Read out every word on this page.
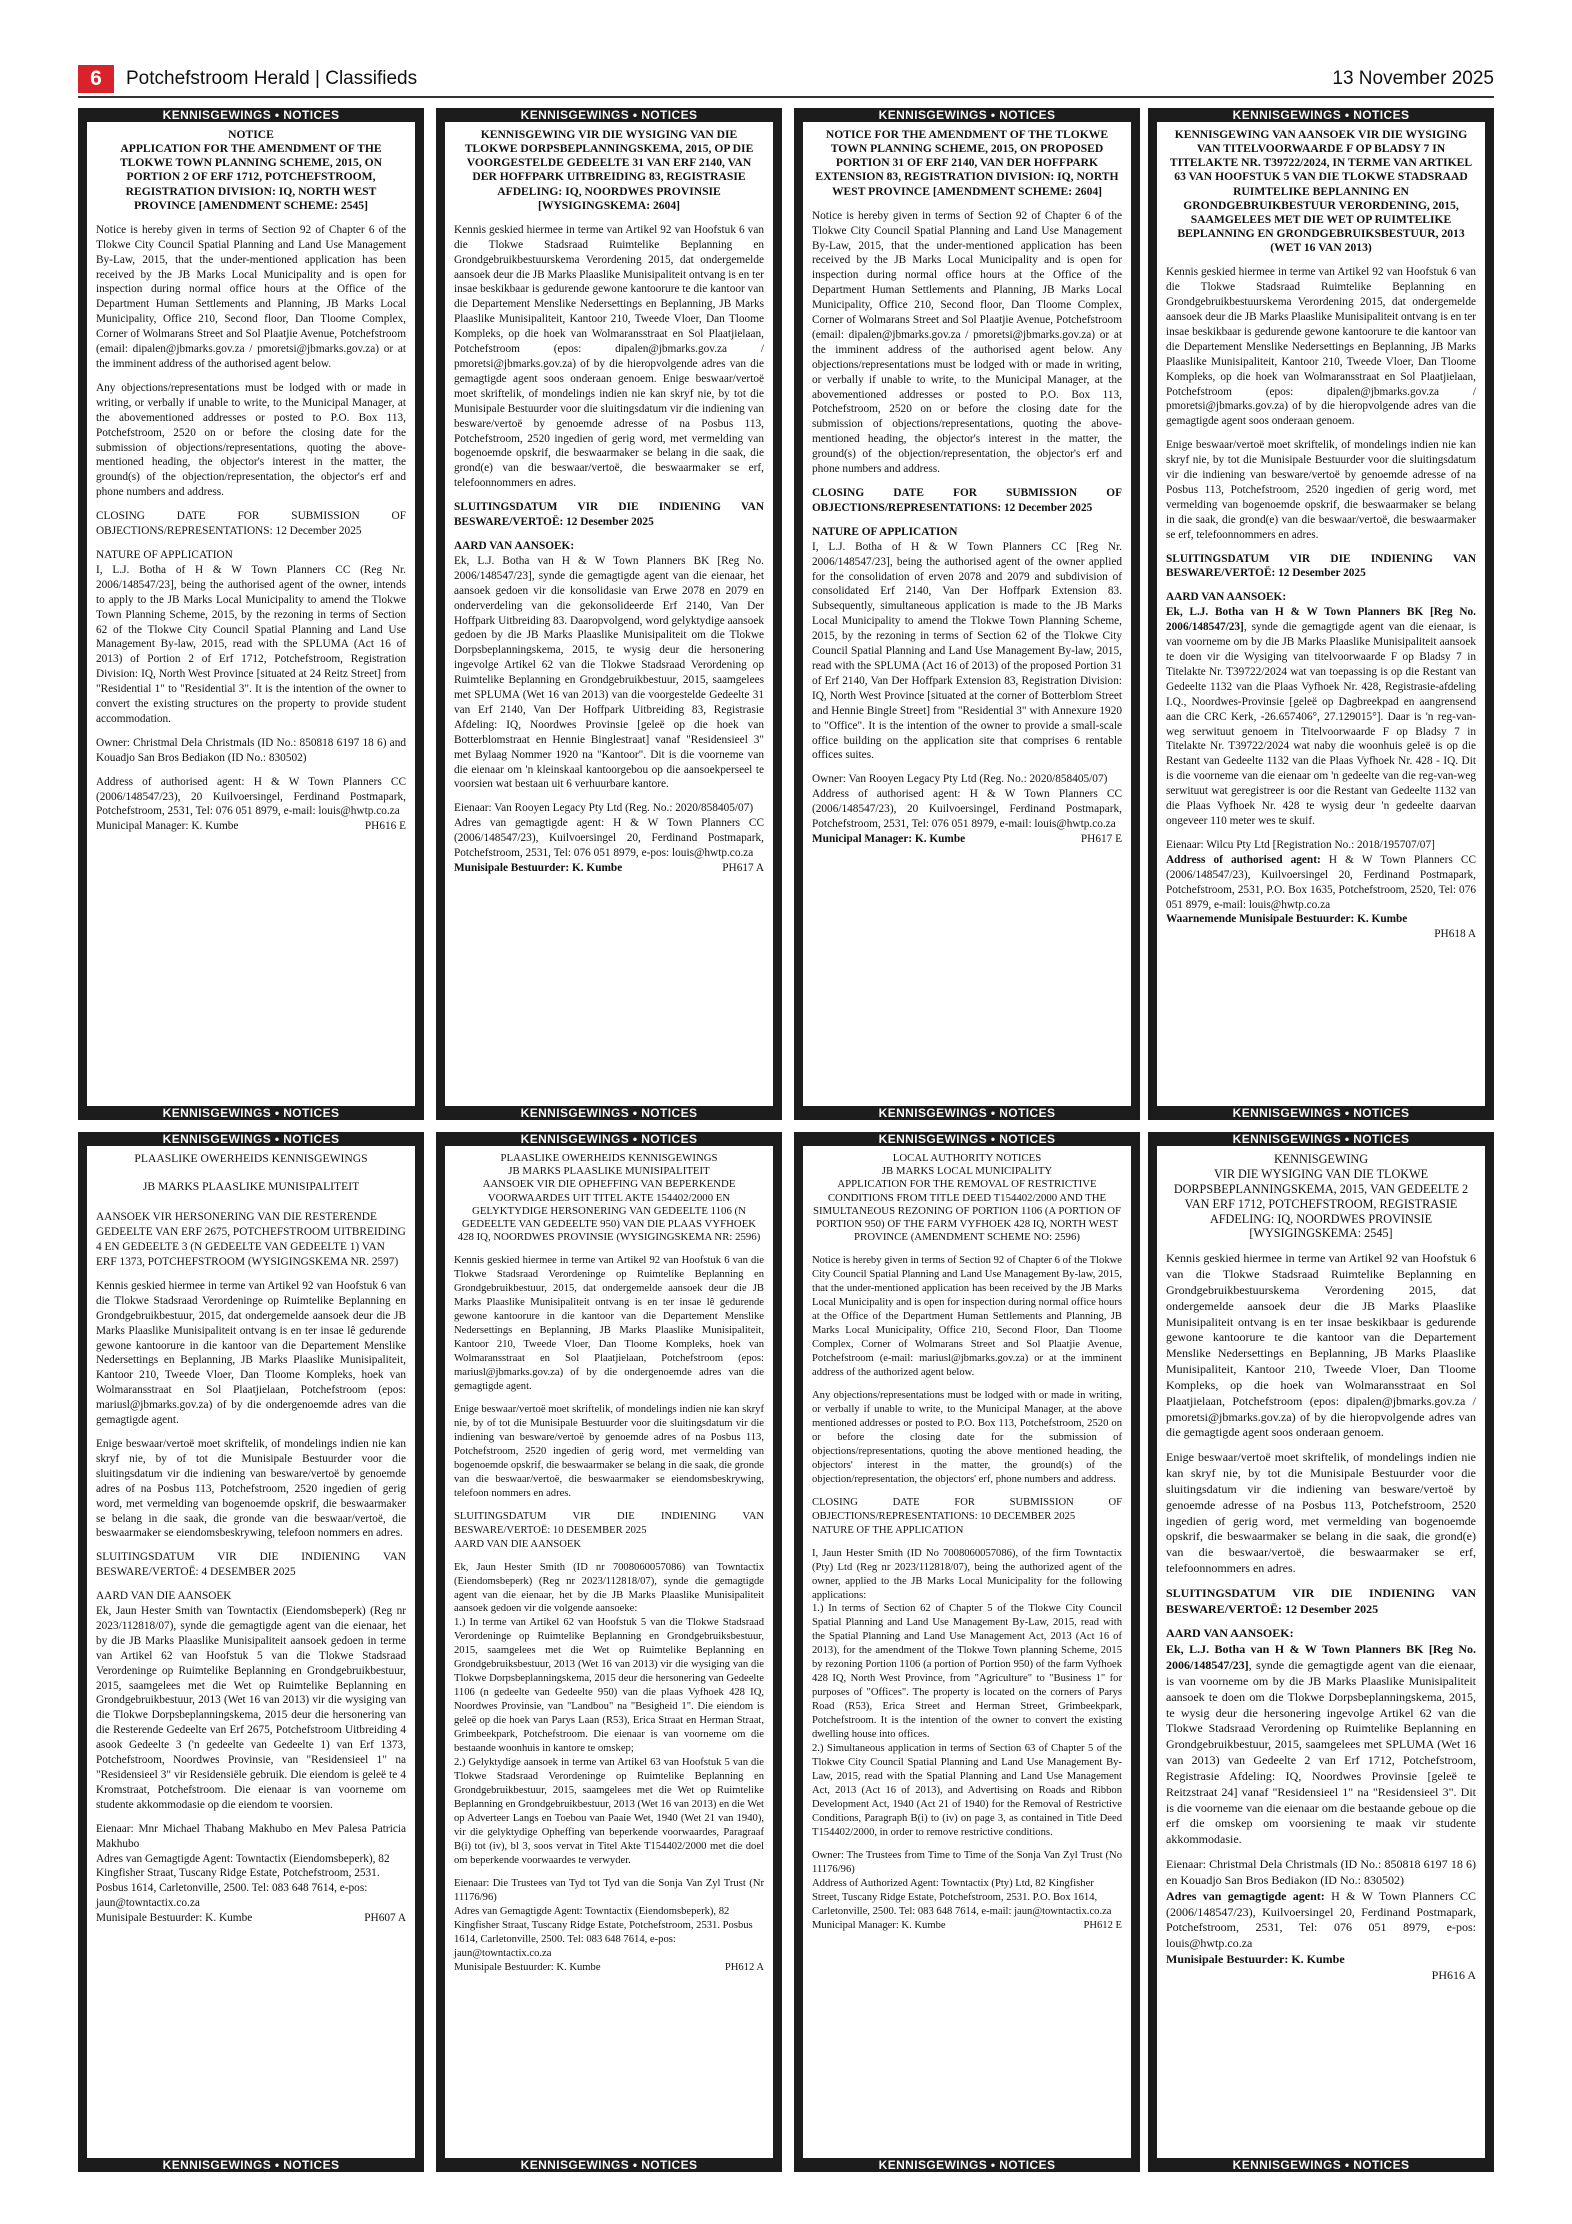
6	Potchefstroom Herald | Classifieds	13 November 2025
KENNISGEWINGS • NOTICES
NOTICE
APPLICATION FOR THE AMENDMENT OF THE TLOKWE TOWN PLANNING SCHEME, 2015, ON PORTION 2 OF ERF 1712, POTCHEFSTROOM, REGISTRATION DIVISION: IQ, NORTH WEST PROVINCE [AMENDMENT SCHEME: 2545]

Notice is hereby given in terms of Section 92 of Chapter 6 of the Tlokwe City Council Spatial Planning and Land Use Management By-Law, 2015, that the under-mentioned application has been received by the JB Marks Local Municipality and is open for inspection during normal office hours at the Office of the Department Human Settlements and Planning, JB Marks Local Municipality, Office 210, Second floor, Dan Tloome Complex, Corner of Wolmarans Street and Sol Plaatjie Avenue, Potchefstroom (email: dipalen@jbmarks.gov.za / pmoretsi@jbmarks.gov.za) or at the imminent address of the authorised agent below.

Any objections/representations must be lodged with or made in writing, or verbally if unable to write, to the Municipal Manager, at the abovementioned addresses or posted to P.O. Box 113, Potchefstroom, 2520 on or before the closing date for the submission of objections/representations, quoting the above-mentioned heading, the objector's interest in the matter, the ground(s) of the objection/representation, the objector's erf and phone numbers and address.

CLOSING DATE FOR SUBMISSION OF OBJECTIONS/REPRESENTATIONS: 12 December 2025

NATURE OF APPLICATION

I, L.J. Botha of H & W Town Planners CC (Reg Nr. 2006/148547/23], being the authorised agent of the owner, intends to apply to the JB Marks Local Municipality to amend the Tlokwe Town Planning Scheme, 2015, by the rezoning in terms of Section 62 of the Tlokwe City Council Spatial Planning and Land Use Management By-law, 2015, read with the SPLUMA (Act 16 of 2013) of Portion 2 of Erf 1712, Potchefstroom, Registration Division: IQ, North West Province [situated at 24 Reitz Street] from "Residential 1" to "Residential 3". It is the intention of the owner to convert the existing structures on the property to provide student accommodation.

Owner: Christmal Dela Christmals (ID No.: 850818 6197 18 6) and Kouadjo San Bros Bediakon (ID No.: 830502)

Address of authorised agent: H & W Town Planners CC (2006/148547/23), 20 Kuilvoersingel, Ferdinand Postmapark, Potchefstroom, 2531, Tel: 076 051 8979, e-mail: louis@hwtp.co.za

Municipal Manager: K. Kumbe	PH616 E
KENNISGEWINGS • NOTICES
KENNISGEWINGS • NOTICES
KENNISGEWING VIR DIE WYSIGING VAN DIE TLOKWE DORPSBEPLANNINGSKEMA, 2015, OP DIE VOORGESTELDE GEDEELTE 31 VAN ERF 2140, VAN DER HOFFPARK UITBREIDING 83, REGISTRASIE AFDELING: IQ, NOORDWES PROVINSIE [WYSIGINGSKEMA: 2604]

Kennis geskied hiermee in terme van Artikel 92 van Hoofstuk 6 van die Tlokwe Stadsraad Ruimtelike Beplanning en Grondgebruikbestuurskema Verordening 2015, dat ondergemelde aansoek deur die JB Marks Plaaslike Munisipaliteit ontvang is en ter insae beskikbaar is gedurende gewone kantoorure te die kantoor van die Departement Menslike Nedersettings en Beplanning, JB Marks Plaaslike Munisipaliteit, Kantoor 210, Tweede Vloer, Dan Tloome Kompleks, op die hoek van Wolmaransstraat en Sol Plaatjielaan, Potchefstroom (epos: dipalen@jbmarks.gov.za / pmoretsi@jbmarks.gov.za) of by die hieropvolgende adres van die gemagtigde agent soos onderaan genoem. Enige beswaar/vertoë moet skriftelik, of mondelings indien nie kan skryf nie, by tot die Munisipale Bestuurder voor die sluitingsdatum vir die indiening van besware/vertoë by genoemde adresse of na Posbus 113, Potchefstroom, 2520 ingedien of gerig word, met vermelding van bogenoemde opskrif, die beswaarmaker se belang in die saak, die grond(e) van die beswaar/vertoë, die beswaarmaker se erf, telefoonnommers en adres.

SLUITINGSDATUM VIR DIE INDIENING VAN BESWARE/VERTOË: 12 Desember 2025

AARD VAN AANSOEK:

Ek, L.J. Botha van H & W Town Planners BK [Reg No. 2006/148547/23], synde die gemagtigde agent van die eienaar, het aansoek gedoen vir die konsolidasie van Erwe 2078 en 2079 en onderverdeling van die gekonsolideerde Erf 2140, Van Der Hoffpark Uitbreiding 83. Daaropvolgend, word gelyktydige aansoek gedoen by die JB Marks Plaaslike Munisipaliteit om die Tlokwe Dorpsbeplanningskema, 2015, te wysig deur die hersonering ingevolge Artikel 62 van die Tlokwe Stadsraad Verordening op Ruimtelike Beplanning en Grondgebruikbestuur, 2015, saamgelees met SPLUMA (Wet 16 van 2013) van die voorgestelde Gedeelte 31 van Erf 2140, Van Der Hoffpark Uitbreiding 83, Registrasie Afdeling: IQ, Noordwes Provinsie [geleë op die hoek van Botterblomstraat en Hennie Binglestraat] vanaf "Residensieel 3" met Bylaag Nommer 1920 na "Kantoor". Dit is die voorneme van die eienaar om 'n kleinskaal kantoorgebou op die aansoekperseel te voorsien wat bestaan uit 6 verhuurbare kantore.

Eienaar: Van Rooyen Legacy Pty Ltd (Reg. No.: 2020/858405/07)

Adres van gemagtigde agent: H & W Town Planners CC (2006/148547/23), Kuilvoersingel 20, Ferdinand Postmapark, Potchefstroom, 2531, Tel: 076 051 8979, e-pos: louis@hwtp.co.za

Munisipale Bestuurder: K. Kumbe	PH617 A
KENNISGEWINGS • NOTICES
KENNISGEWINGS • NOTICES
NOTICE FOR THE AMENDMENT OF THE TLOKWE TOWN PLANNING SCHEME, 2015, ON PROPOSED PORTION 31 OF ERF 2140, VAN DER HOFFPARK EXTENSION 83, REGISTRATION DIVISION: IQ, NORTH WEST PROVINCE [AMENDMENT SCHEME: 2604]

Notice is hereby given in terms of Section 92 of Chapter 6 of the Tlokwe City Council Spatial Planning and Land Use Management By-Law, 2015, that the under-mentioned application has been received by the JB Marks Local Municipality and is open for inspection during normal office hours at the Office of the Department Human Settlements and Planning, JB Marks Local Municipality, Office 210, Second floor, Dan Tloome Complex, Corner of Wolmarans Street and Sol Plaatjie Avenue, Potchefstroom (email: dipalen@jbmarks.gov.za / pmoretsi@jbmarks.gov.za) or at the imminent address of the authorised agent below. Any objections/representations must be lodged with or made in writing, or verbally if unable to write, to the Municipal Manager, at the abovementioned addresses or posted to P.O. Box 113, Potchefstroom, 2520 on or before the closing date for the submission of objections/representations, quoting the above-mentioned heading, the objector's interest in the matter, the ground(s) of the objection/representation, the objector's erf and phone numbers and address.

CLOSING DATE FOR SUBMISSION OF OBJECTIONS/REPRESENTATIONS: 12 December 2025

NATURE OF APPLICATION

I, L.J. Botha of H & W Town Planners CC [Reg Nr. 2006/148547/23], being the authorised agent of the owner applied for the consolidation of erven 2078 and 2079 and subdivision of consolidated Erf 2140, Van Der Hoffpark Extension 83. Subsequently, simultaneous application is made to the JB Marks Local Municipality to amend the Tlokwe Town Planning Scheme, 2015, by the rezoning in terms of Section 62 of the Tlokwe City Council Spatial Planning and Land Use Management By-law, 2015, read with the SPLUMA (Act 16 of 2013) of the proposed Portion 31 of Erf 2140, Van Der Hoffpark Extension 83, Registration Division: IQ, North West Province [situated at the corner of Botterblom Street and Hennie Bingle Street] from "Residential 3" with Annexure 1920 to "Office". It is the intention of the owner to provide a small-scale office building on the application site that comprises 6 rentable offices suites.

Owner: Van Rooyen Legacy Pty Ltd (Reg. No.: 2020/858405/07)

Address of authorised agent: H & W Town Planners CC (2006/148547/23), 20 Kuilvoersingel, Ferdinand Postmapark, Potchefstroom, 2531, Tel: 076 051 8979, e-mail: louis@hwtp.co.za

Municipal Manager: K. Kumbe	PH617 E
KENNISGEWINGS • NOTICES
KENNISGEWINGS • NOTICES
KENNISGEWING VAN AANSOEK VIR DIE WYSIGING VAN TITELVOORWAARDE F OP BLADSY 7 IN TITELAKTE NR. T39722/2024, IN TERME VAN ARTIKEL 63 VAN HOOFSTUK 5 VAN DIE TLOKWE STADSRAAD RUIMTELIKE BEPLANNING EN GRONDGEBRUIKBESTUUR VERORDENING, 2015, SAAMGELEES MET DIE WET OP RUIMTELIKE BEPLANNING EN GRONDGEBRUIKSBESTUUR, 2013 (WET 16 VAN 2013)

Kennis geskied hiermee in terme van Artikel 92 van Hoofstuk 6 van die Tlokwe Stadsraad Ruimtelike Beplanning en Grondgebruikbestuurskema Verordening 2015, dat ondergemelde aansoek deur die JB Marks Plaaslike Munisipaliteit ontvang is en ter insae beskikbaar is gedurende gewone kantoorure te die kantoor van die Departement Menslike Nedersettings en Beplanning, JB Marks Plaaslike Munisipaliteit, Kantoor 210, Tweede Vloer, Dan Tloome Kompleks, op die hoek van Wolmaransstraat en Sol Plaatjielaan, Potchefstroom (epos: dipalen@jbmarks.gov.za / pmoretsi@jbmarks.gov.za) of by die hieropvolgende adres van die gemagtigde agent soos onderaan genoem.

Enige beswaar/vertoë moet skriftelik, of mondelings indien nie kan skryf nie, by tot die Munisipale Bestuurder voor die sluitingsdatum vir die indiening van besware/vertoë by genoemde adresse of na Posbus 113, Potchefstroom, 2520 ingedien of gerig word, met vermelding van bogenoemde opskrif, die beswaarmaker se belang in die saak, die grond(e) van die beswaar/vertoë, die beswaarmaker se erf, telefoonnommers en adres.

SLUITINGSDATUM VIR DIE INDIENING VAN BESWARE/VERTOË: 12 Desember 2025

AARD VAN AANSOEK:

Ek, L.J. Botha van H & W Town Planners BK [Reg No. 2006/148547/23], synde die gemagtigde agent van die eienaar, is van voorneme om by die JB Marks Plaaslike Munisipaliteit aansoek te doen vir die Wysiging van titelvoorwaarde F op Bladsy 7 in Titelakte Nr. T39722/2024 wat van toepassing is op die Restant van Gedeelte 1132 van die Plaas Vyfhoek Nr. 428, Registrasie-afdeling I.Q., Noordwes-Provinsie [geleë op Dagbreekpad en aangrensend aan die CRC Kerk, -26.657406°, 27.129015°]. Daar is 'n reg-van-weg serwituut genoem in Titelvoorwaarde F op Bladsy 7 in Titelakte Nr. T39722/2024 wat naby die woonhuis geleë is op die Restant van Gedeelte 1132 van die Plaas Vyfhoek Nr. 428 - IQ. Dit is die voorneme van die eienaar om 'n gedeelte van die reg-van-weg serwituut wat geregistreer is oor die Restant van Gedeelte 1132 van die Plaas Vyfhoek Nr. 428 te wysig deur 'n gedeelte daarvan ongeveer 110 meter wes te skuif.

Eienaar: Wilcu Pty Ltd [Registration No.: 2018/195707/07]

Address of authorised agent: H & W Town Planners CC (2006/148547/23), Kuilvoersingel 20, Ferdinand Postmapark, Potchefstroom, 2531, P.O. Box 1635, Potchefstroom, 2520, Tel: 076 051 8979, e-mail: louis@hwtp.co.za

Waarnemende Munisipale Bestuurder: K. Kumbe
PH618 A
KENNISGEWINGS • NOTICES
KENNISGEWINGS • NOTICES
PLAASLIKE OWERHEIDS KENNISGEWINGS
JB MARKS PLAASLIKE MUNISIPALITEIT

AANSOEK VIR HERSONERING VAN DIE RESTERENDE GEDEELTE VAN ERF 2675, POTCHEFSTROOM UITBREIDING 4 EN GEDEELTE 3 (N GEDEELTE VAN GEDEELTE 1) VAN ERF 1373, POTCHEFSTROOM (WYSIGINGSKEMA NR. 2597)

Kennis geskied hiermee in terme van Artikel 92 van Hoofstuk 6 van die Tlokwe Stadsraad Verordeninge op Ruimtelike Beplanning en Grondgebruikbestuur, 2015, dat ondergemelde aansoek deur die JB Marks Plaaslike Munisipaliteit ontvang is en ter insae lê gedurende gewone kantoorure in die kantoor van die Departement Menslike Nedersettings en Beplanning, JB Marks Plaaslike Munisipaliteit, Kantoor 210, Tweede Vloer, Dan Tloome Kompleks, hoek van Wolmaransstraat en Sol Plaatjielaan, Potchefstroom (epos: mariusl@jbmarks.gov.za) of by die ondergenoemde adres van die gemagtigde agent.

Enige beswaar/vertoë moet skriftelik, of mondelings indien nie kan skryf nie, by of tot die Munisipale Bestuurder voor die sluitingsdatum vir die indiening van besware/vertoë by genoemde adres of na Posbus 113, Potchefstroom, 2520 ingedien of gerig word, met vermelding van bogenoemde opskrif, die beswaarmaker se belang in die saak, die gronde van die beswaar/vertoë, die beswaarmaker se eiendomsbeskrywing, telefoon nommers en adres.

SLUITINGSDATUM VIR DIE INDIENING VAN BESWARE/VERTOË: 4 DESEMBER 2025

AARD VAN DIE AANSOEK

Ek, Jaun Hester Smith van Towntactix (Eiendomsbeperk) (Reg nr 2023/112818/07), synde die gemagtigde agent van die eienaar, het by die JB Marks Plaaslike Munisipaliteit aansoek gedoen in terme van Artikel 62 van Hoofstuk 5 van die Tlokwe Stadsraad Verordeninge op Ruimtelike Beplanning en Grondgebruikbestuur, 2015, saamgelees met die Wet op Ruimtelike Beplanning en Grondgebruikbestuur, 2013 (Wet 16 van 2013) vir die wysiging van die Tlokwe Dorpsbeplanningskema, 2015 deur die hersonering van die Resterende Gedeelte van Erf 2675, Potchefstroom Uitbreiding 4 asook Gedeelte 3 ('n gedeelte van Gedeelte 1) van Erf 1373, Potchefstroom, Noordwes Provinsie, van "Residensieel 1" na "Residensieel 3" vir Residensiële gebruik. Die eiendom is geleë te 4 Kromstraat, Potchefstroom. Die eienaar is van voorneme om studente akkommodasie op die eiendom te voorsien.

Eienaar: Mnr Michael Thabang Makhubo en Mev Palesa Patricia Makhubo

Adres van Gemagtigde Agent: Towntactix (Eiendomsbeperk), 82 Kingfisher Straat, Tuscany Ridge Estate, Potchefstroom, 2531. Posbus 1614, Carletonville, 2500. Tel: 083 648 7614, e-pos: jaun@towntactix.co.za

Munisipale Bestuurder: K. Kumbe	PH607 A
KENNISGEWINGS • NOTICES
KENNISGEWINGS • NOTICES
PLAASLIKE OWERHEIDS KENNISGEWINGS
JB MARKS PLAASLIKE MUNISIPALITEIT
AANSOEK VIR DIE OPHEFFING VAN BEPERKENDE VOORWAARDES UIT TITEL AKTE 154402/2000 EN GELYKTYDIGE HERSONERING VAN GEDEELTE 1106 (N GEDEELTE VAN GEDEELTE 950) VAN DIE PLAAS VYFHOEK 428 IQ, NOORDWES PROVINSIE (WYSIGINGSKEMA NR: 2596)

Kennis geskied hiermee in terme van Artikel 92 van Hoofstuk 6 van die Tlokwe Stadsraad Verordeninge op Ruimtelike Beplanning en Grondgebruikbestuur, 2015, dat ondergemelde aansoek deur die JB Marks Plaaslike Munisipaliteit ontvang is en ter insae lê gedurende gewone kantoorure in die kantoor van die Departement Menslike Nedersettings en Beplanning, JB Marks Plaaslike Munisipaliteit, Kantoor 210, Tweede Vloer, Dan Tloome Kompleks, hoek van Wolmaransstraat en Sol Plaatjielaan, Potchefstroom (epos: mariusl@jbmarks.gov.za) of by die ondergenoemde adres van die gemagtigde agent.

Enige beswaar/vertoë moet skriftelik, of mondelings indien nie kan skryf nie, by of tot die Munisipale Bestuurder voor die sluitingsdatum vir die indiening van besware/vertoë by genoemde adres of na Posbus 113, Potchefstroom, 2520 ingedien of gerig word, met vermelding van bogenoemde opskrif, die beswaarmaker se belang in die saak, die gronde van die beswaar/vertoë, die beswaarmaker se eiendomsbeskrywing, telefoon nommers en adres.

SLUITINGSDATUM VIR DIE INDIENING VAN BESWARE/VERTOË: 10 DESEMBER 2025

AARD VAN DIE AANSOEK

Ek, Jaun Hester Smith (ID nr 7008060057086) van Towntactix (Eiendomsbeperk) (Reg nr 2023/112818/07), synde die gemagtigde agent van die eienaar, het by die JB Marks Plaaslike Munisipaliteit aansoek gedoen vir die volgende aansoeke:
1.) In terme van Artikel 62 van Hoofstuk 5 van die Tlokwe Stadsraad Verordeninge op Ruimtelike Beplanning en Grondgebruiksbestuur, 2015, saamgelees met die Wet op Ruimtelike Beplanning en Grondgebruiksbestuur, 2013 (Wet 16 van 2013) vir die wysiging van die Tlokwe Dorpsbeplanningskema, 2015 deur die hersonering van Gedeelte 1106 (n gedeelte van Gedeelte 950) van die plaas Vyfhoek 428 IQ, Noordwes Provinsie, van "Landbou" na "Besigheid 1". Die eiendom is geleë op die hoek van Parys Laan (R53), Erica Straat en Herman Straat, Grimbeekpark, Potchefstroom. Die eienaar is van voorneme om die bestaande woonhuis in kantore te omskep;
2.) Gelyktydige aansoek in terme van Artikel 63 van Hoofstuk 5 van die Tlokwe Stadsraad Verordeninge op Ruimtelike Beplanning en Grondgebruikbestuur, 2015, saamgelees met die Wet op Ruimtelike Beplanning en Grondgebruikbestuur, 2013 (Wet 16 van 2013) en die Wet op Adverteer Langs en Toebou van Paaie Wet, 1940 (Wet 21 van 1940), vir die gelyktydige Opheffing van beperkende voorwaardes, Paragraaf B(i) tot (iv), bl 3, soos vervat in Titel Akte T154402/2000 met die doel om beperkende voorwaardes te verwyder.

Eienaar: Die Trustees van Tyd tot Tyd van die Sonja Van Zyl Trust (Nr 11176/96)

Adres van Gemagtigde Agent: Towntactix (Eiendomsbeperk), 82 Kingfisher Straat, Tuscany Ridge Estate, Potchefstroom, 2531. Posbus 1614, Carletonville, 2500. Tel: 083 648 7614, e-pos: jaun@towntactix.co.za

Munisipale Bestuurder: K. Kumbe	PH612 A
KENNISGEWINGS • NOTICES
KENNISGEWINGS • NOTICES
LOCAL AUTHORITY NOTICES
JB MARKS LOCAL MUNICIPALITY
APPLICATION FOR THE REMOVAL OF RESTRICTIVE CONDITIONS FROM TITLE DEED T154402/2000 AND THE SIMULTANEOUS REZONING OF PORTION 1106 (A PORTION OF PORTION 950) OF THE FARM VYFHOEK 428 IQ, NORTH WEST PROVINCE (AMENDMENT SCHEME NO: 2596)

Notice is hereby given in terms of Section 92 of Chapter 6 of the Tlokwe City Council Spatial Planning and Land Use Management By-law, 2015, that the under-mentioned application has been received by the JB Marks Local Municipality and is open for inspection during normal office hours at the Office of the Department Human Settlements and Planning, JB Marks Local Municipality, Office 210, Second Floor, Dan Tloome Complex, Corner of Wolmarans Street and Sol Plaatjie Avenue, Potchefstroom (e-mail: mariusl@jbmarks.gov.za) or at the imminent address of the authorized agent below.

Any objections/representations must be lodged with or made in writing, or verbally if unable to write, to the Municipal Manager, at the above mentioned addresses or posted to P.O. Box 113, Potchefstroom, 2520 on or before the closing date for the submission of objections/representations, quoting the above mentioned heading, the objectors' interest in the matter, the ground(s) of the objection/representation, the objectors' erf, phone numbers and address.

CLOSING DATE FOR SUBMISSION OF OBJECTIONS/REPRESENTATIONS: 10 DECEMBER 2025

NATURE OF THE APPLICATION

I, Jaun Hester Smith (ID No 7008060057086), of the firm Towntactix (Pty) Ltd (Reg nr 2023/112818/07), being the authorized agent of the owner, applied to the JB Marks Local Municipality for the following applications:
1.) In terms of Section 62 of Chapter 5 of the Tlokwe City Council Spatial Planning and Land Use Management By-Law, 2015, read with the Spatial Planning and Land Use Management Act, 2013 (Act 16 of 2013), for the amendment of the Tlokwe Town planning Scheme, 2015 by rezoning Portion 1106 (a portion of Portion 950) of the farm Vyfhoek 428 IQ, North West Province, from "Agriculture" to "Business 1" for purposes of "Offices". The property is located on the corners of Parys Road (R53), Erica Street and Herman Street, Grimbeekpark, Potchefstroom. It is the intention of the owner to convert the existing dwelling house into offices.
2.) Simultaneous application in terms of Section 63 of Chapter 5 of the Tlokwe City Council Spatial Planning and Land Use Management By-Law, 2015, read with the Spatial Planning and Land Use Management Act, 2013 (Act 16 of 2013), and Advertising on Roads and Ribbon Development Act, 1940 (Act 21 of 1940) for the Removal of Restrictive Conditions, Paragraph B(i) to (iv) on page 3, as contained in Title Deed T154402/2000, in order to remove restrictive conditions.

Owner: The Trustees from Time to Time of the Sonja Van Zyl Trust (No 11176/96)

Address of Authorized Agent: Towntactix (Pty) Ltd, 82 Kingfisher Street, Tuscany Ridge Estate, Potchefstroom, 2531. P.O. Box 1614, Carletonville, 2500. Tel: 083 648 7614, e-mail: jaun@towntactix.co.za

Municipal Manager: K. Kumbe	PH612 E
KENNISGEWINGS • NOTICES
KENNISGEWINGS • NOTICES
KENNISGEWING
VIR DIE WYSIGING VAN DIE TLOKWE DORPSBEPLANNINGSKEMA, 2015, VAN GEDEELTE 2 VAN ERF 1712, POTCHEFSTROOM, REGISTRASIE AFDELING: IQ, NOORDWES PROVINSIE [WYSIGINGSKEMA: 2545]

Kennis geskied hiermee in terme van Artikel 92 van Hoofstuk 6 van die Tlokwe Stadsraad Ruimtelike Beplanning en Grondgebruikbestuurskema Verordening 2015, dat ondergemelde aansoek deur die JB Marks Plaaslike Munisipaliteit ontvang is en ter insae beskikbaar is gedurende gewone kantoorure te die kantoor van die Departement Menslike Nedersettings en Beplanning, JB Marks Plaaslike Munisipaliteit, Kantoor 210, Tweede Vloer, Dan Tloome Kompleks, op die hoek van Wolmaransstraat en Sol Plaatjielaan, Potchefstroom (epos: dipalen@jbmarks.gov.za / pmoretsi@jbmarks.gov.za) of by die hieropvolgende adres van die gemagtigde agent soos onderaan genoem.

Enige beswaar/vertoë moet skriftelik, of mondelings indien nie kan skryf nie, by tot die Munisipale Bestuurder voor die sluitingsdatum vir die indiening van besware/vertoë by genoemde adresse of na Posbus 113, Potchefstroom, 2520 ingedien of gerig word, met vermelding van bogenoemde opskrif, die beswaarmaker se belang in die saak, die grond(e) van die beswaar/vertoë, die beswaarmaker se erf, telefoonnommers en adres.

SLUITINGSDATUM VIR DIE INDIENING VAN BESWARE/VERTOË: 12 Desember 2025

AARD VAN AANSOEK:

Ek, L.J. Botha van H & W Town Planners BK [Reg No. 2006/148547/23], synde die gemagtigde agent van die eienaar, is van voorneme om by die JB Marks Plaaslike Munisipaliteit aansoek te doen om die Tlokwe Dorpsbeplanningskema, 2015, te wysig deur die hersonering ingevolge Artikel 62 van die Tlokwe Stadsraad Verordening op Ruimtelike Beplanning en Grondgebruikbestuur, 2015, saamgelees met SPLUMA (Wet 16 van 2013) van Gedeelte 2 van Erf 1712, Potchefstroom, Registrasie Afdeling: IQ, Noordwes Provinsie [geleë te Reitzstraat 24] vanaf "Residensieel 1" na "Residensieel 3". Dit is die voorneme van die eienaar om die bestaande geboue op die erf die omskep om voorsiening te maak vir studente akkommodasie.

Eienaar: Christmal Dela Christmals (ID No.: 850818 6197 18 6) en Kouadjo San Bros Bediakon (ID No.: 830502)

Adres van gemagtigde agent: H & W Town Planners CC (2006/148547/23), Kuilvoersingel 20, Ferdinand Postmapark, Potchefstroom, 2531, Tel: 076 051 8979, e-pos: louis@hwtp.co.za

Munisipale Bestuurder: K. Kumbe
PH616 A
KENNISGEWINGS • NOTICES
